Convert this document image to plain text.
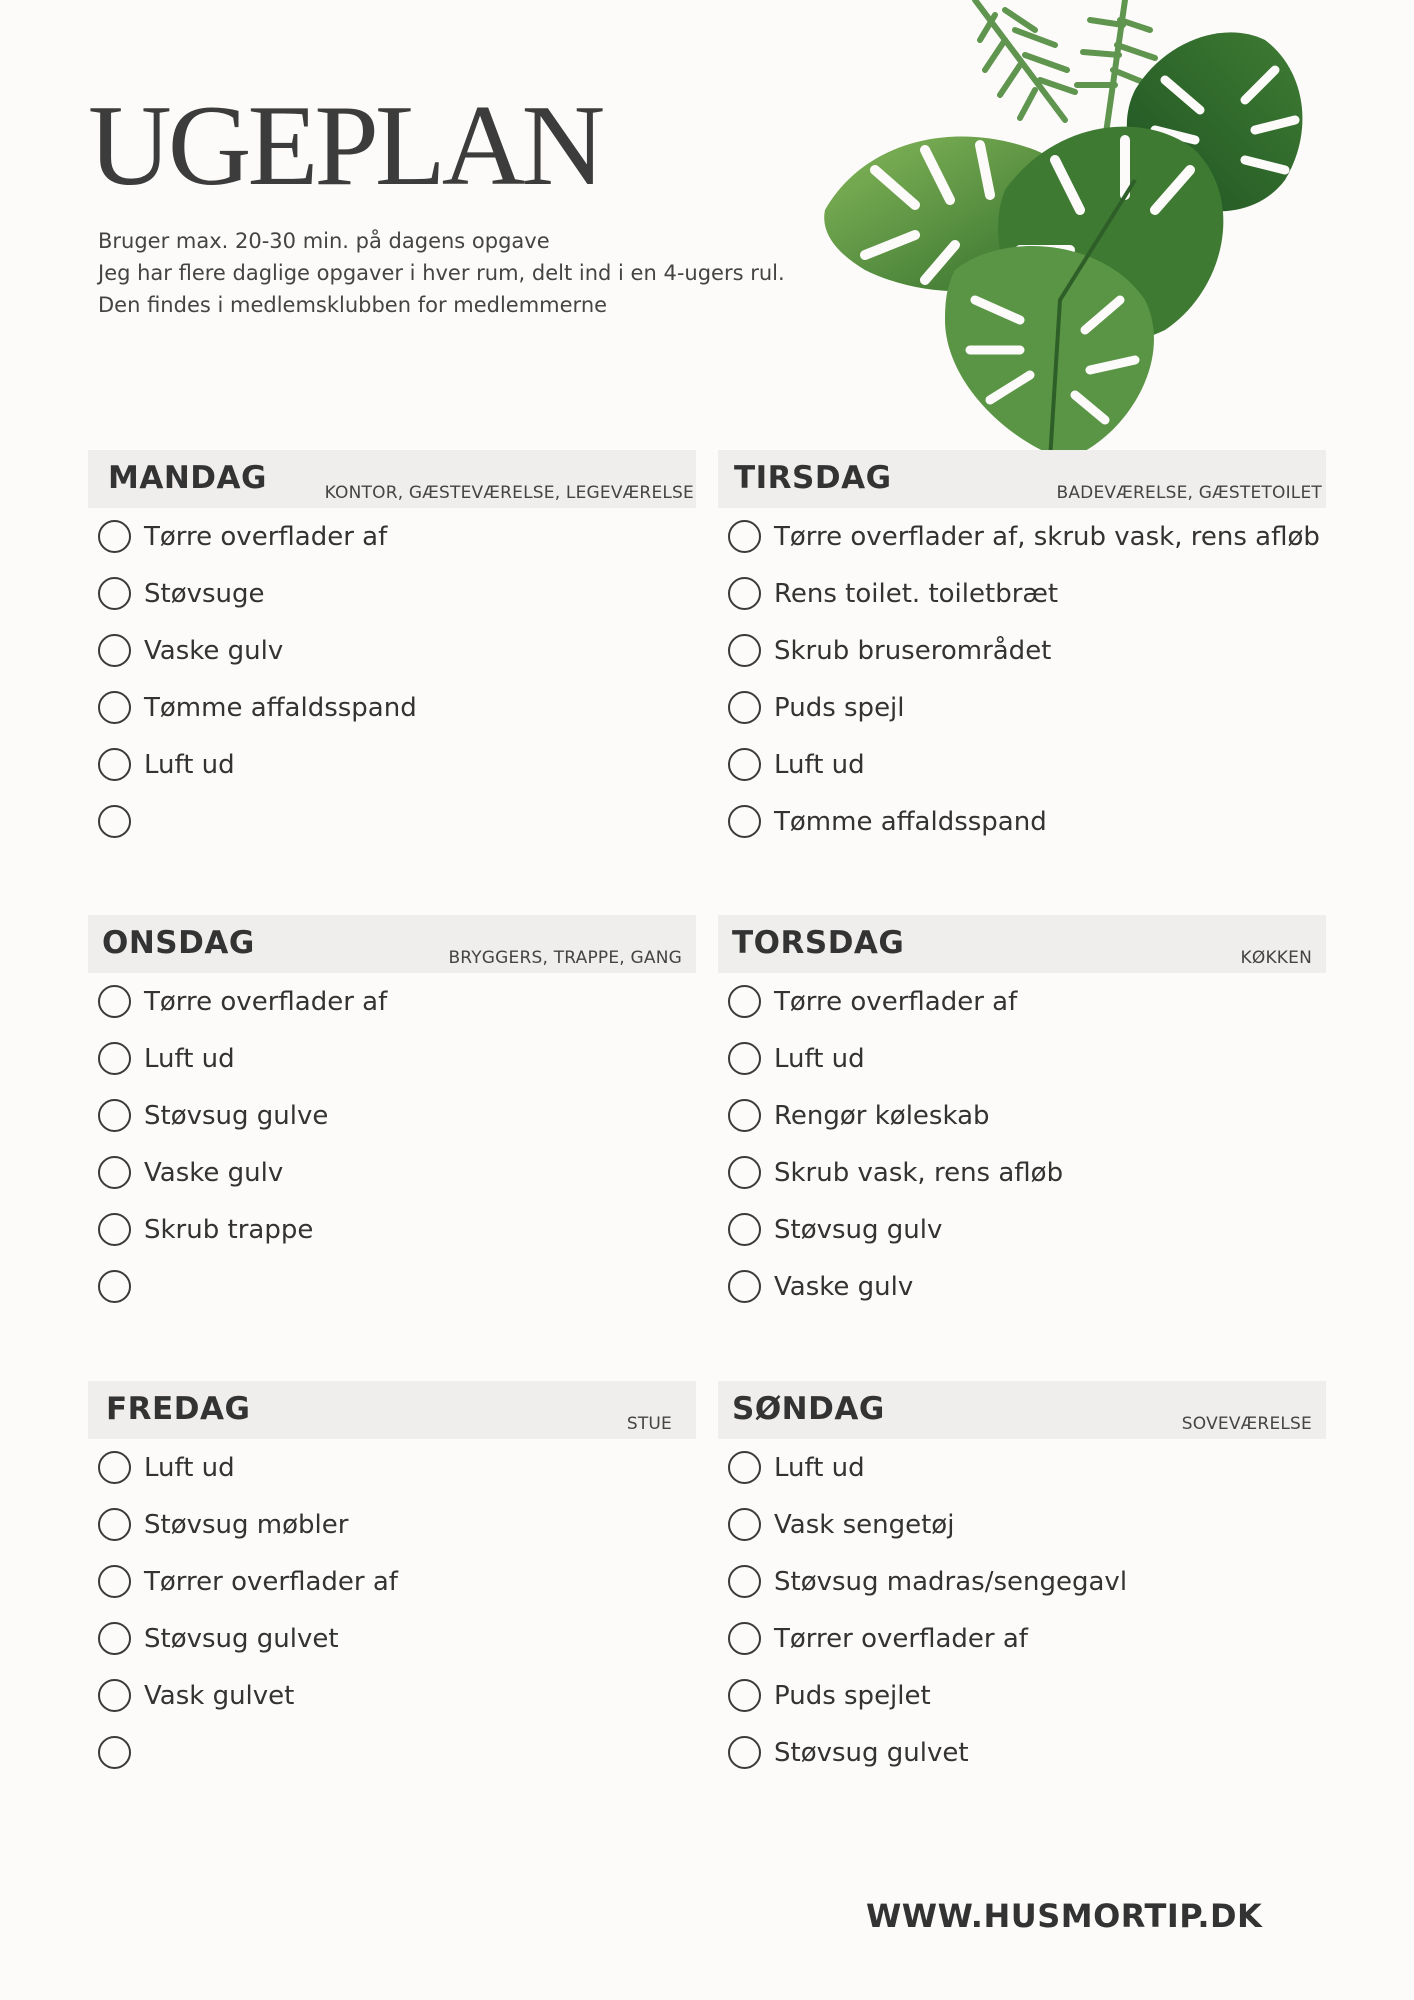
UGEPLAN
Bruger max. 20-30 min. på dagens opgave
Jeg har flere daglige opgaver i hver rum, delt ind i en 4-ugers rul.
Den findes i medlemsklubben for medlemmerne
MANDAG	KONTOR, GÆSTEVÆRELSE, LEGEVÆRELSE
Tørre overflader af
Støvsuge
Vaske gulv
Tømme affaldsspand
Luft ud
TIRSDAG	BADEVÆRELSE, GÆSTETOILET
Tørre overflader af, skrub vask, rens afløb
Rens toilet. toiletbræt
Skrub bruserområdet
Puds spejl
Luft ud
Tømme affaldsspand
ONSDAG	BRYGGERS, TRAPPE, GANG
Tørre overflader af
Luft ud
Støvsug gulve
Vaske gulv
Skrub trappe
TORSDAG	KØKKEN
Tørre overflader af
Luft ud
Rengør køleskab
Skrub vask, rens afløb
Støvsug gulv
Vaske gulv
FREDAG	STUE
Luft ud
Støvsug møbler
Tørrer overflader af
Støvsug gulvet
Vask gulvet
SØNDAG	SOVEVÆRELSE
Luft ud
Vask sengetøj
Støvsug madras/sengegavl
Tørrer overflader af
Puds spejlet
Støvsug gulvet
WWW.HUSMORTIP.DK
